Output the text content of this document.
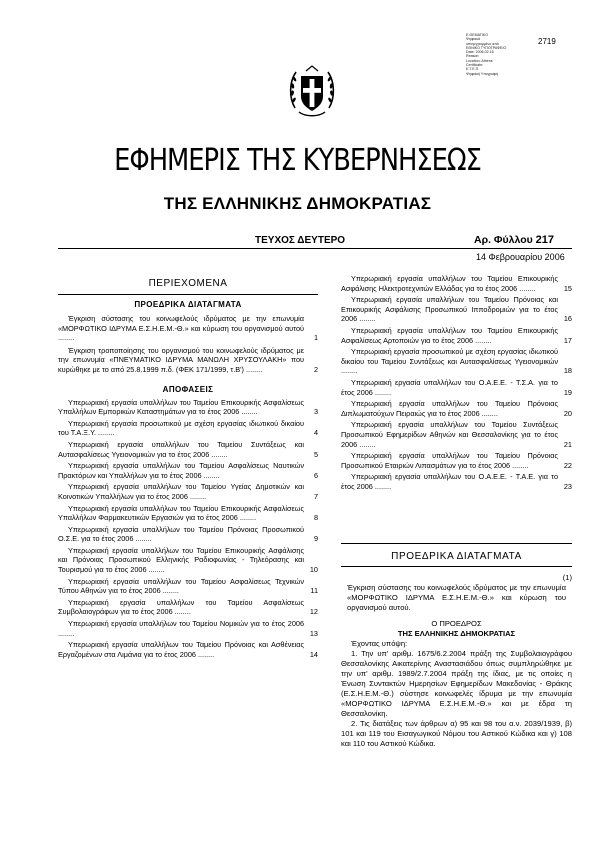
Ε.ΘΕΜΑΤΙΚΟ
Ψηφιακά
υπογεγραμμένο από
ΕΘΝΙΚΟ ΤΥΠΟΓΡΑΦΕΙΟ
Date: 2006.02.16
Reason:
Location: Athens
Certificate:
Ε.Τ.Ε.Π.
Ψηφιακή Υπογραφή
2719
ΕΦΗΜΕΡΙΣ ΤΗΣ ΚΥΒΕΡΝΗΣΕΩΣ
ΤΗΣ ΕΛΛΗΝΙΚΗΣ ΔΗΜΟΚΡΑΤΙΑΣ
ΤΕΥΧΟΣ ΔΕΥΤΕΡΟ	Αρ. Φύλλου 217
14 Φεβρουαρίου 2006
ΠΕΡΙΕΧΟΜΕΝΑ
ΠΡΟΕΔΡΙΚΑ ΔΙΑΤΑΓΜΑΤΑ
Έγκριση σύστασης του κοινωφελούς ιδρύματος με την επωνυμία «ΜΟΡΦΩΤΙΚΟ ΙΔΡΥΜΑ Ε.Σ.Η.Ε.Μ.-Θ.» και κύρωση του οργανισμού αυτού ........	1
Έγκριση τροποποίησης του οργανισμού του κοινωφελούς ιδρύματος με την επωνυμία «ΠΝΕΥΜΑΤΙΚΟ ΙΔΡΥΜΑ ΜΑΝΩΛΗ ΧΡΥΣΟΥΛΑΚΗ» που κυρώθηκε με το από 25.8.1999 π.δ. (ΦΕΚ 171/1999, τ.Β') ........	2
ΑΠΟΦΑΣΕΙΣ
Υπερωριακή εργασία υπαλλήλων του Ταμείου Επικουρικής Ασφαλίσεως Υπαλλήλων Εμπορικών Καταστημάτων για το έτος 2006 ........	3
Υπερωριακή εργασία προσωπικού με σχέση εργασίας ιδιωτικού δικαίου του Τ.Α.Ξ.Υ. ........	4
Υπερωριακή εργασία υπαλλήλων του Ταμείου Συντάξεως και Αυτασφαλίσεως Υγειονομικών για το έτος 2006 ........	5
Υπερωριακή εργασία υπαλλήλων του Ταμείου Ασφαλίσεως Ναυτικών Πρακτόρων και Υπαλλήλων για το έτος 2006 ........	6
Υπερωριακή εργασία υπαλλήλων του Ταμείου Υγείας Δημοτικών και Κοινοτικών Υπαλλήλων για το έτος 2006 ........	7
Υπερωριακή εργασία υπαλλήλων του Ταμείου Επικουρικής Ασφαλίσεως Υπαλλήλων Φαρμακευτικών Εργασιών για το έτος 2006 ........	8
Υπερωριακή εργασία υπαλλήλων του Ταμείου Πρόνοιας Προσωπικού Ο.Σ.Ε. για το έτος 2006 ........	9
Υπερωριακή εργασία υπαλλήλων του Ταμείου Επικουρικής Ασφάλισης και Πρόνοιας Προσωπικού Ελληνικής Ραδιοφωνίας - Τηλεόρασης και Τουρισμού για το έτος 2006 ........	10
Υπερωριακή εργασία υπαλλήλων του Ταμείου Ασφαλίσεως Τεχνικών Τύπου Αθηνών για το έτος 2006 ........	11
Υπερωριακή εργασία υπαλλήλων του Ταμείου Ασφαλίσεως Συμβολαιογράφων για το έτος 2006 ........	12
Υπερωριακή εργασία υπαλλήλων του Ταμείου Νομικών για το έτος 2006 ........	13
Υπερωριακή εργασία υπαλλήλων του Ταμείου Πρόνοιας και Ασθένειας Εργαζομένων στα Λιμάνια για το έτος 2006 ........	14
Υπερωριακή εργασία υπαλλήλων του Ταμείου Επικουρικής Ασφάλισης Ηλεκτροτεχνιτών Ελλάδας για το έτος 2006 ........	15
Υπερωριακή εργασία υπαλλήλων του Ταμείου Πρόνοιας και Επικουρικής Ασφάλισης Προσωπικού Ιπποδρομιών για το έτος 2006 ........	16
Υπερωριακή εργασία υπαλλήλων του Ταμείου Επικουρικής Ασφαλίσεως Αρτοποιών για το έτος 2006 ........	17
Υπερωριακή εργασία προσωπικού με σχέση εργασίας ιδιωτικού δικαίου του Ταμείου Συντάξεως και Αυτασφαλίσεως Υγειονομικών ........	18
Υπερωριακή εργασία υπαλλήλων του Ο.Α.Ε.Ε. - Τ.Σ.Α. για το έτος 2006 ........	19
Υπερωριακή εργασία υπαλλήλων του Ταμείου Πρόνοιας Διπλωματούχων Πειραιώς για το έτος 2006 ........	20
Υπερωριακή εργασία υπαλλήλων του Ταμείου Συντάξεως Προσωπικού Εφημερίδων Αθηνών και Θεσσαλονίκης για το έτος 2006 ........	21
Υπερωριακή εργασία υπαλλήλων του Ταμείου Πρόνοιας Προσωπικού Εταιριών Λιπασμάτων για το έτος 2006 ........	22
Υπερωριακή εργασία υπαλλήλων του Ο.Α.Ε.Ε. - Τ.Α.Ε. για το έτος 2006 ........	23
ΠΡΟΕΔΡΙΚΑ ΔΙΑΤΑΓΜΑΤΑ
(1)
Έγκριση σύστασης του κοινωφελούς ιδρύματος με την επωνυμία «ΜΟΡΦΩΤΙΚΟ ΙΔΡΥΜΑ Ε.Σ.Η.Ε.Μ.-Θ.» και κύρωση του οργανισμού αυτού.
Ο ΠΡΟΕΔΡΟΣ
ΤΗΣ ΕΛΛΗΝΙΚΗΣ ΔΗΜΟΚΡΑΤΙΑΣ

Έχοντας υπόψη:

1. Την υπ' αριθμ. 1675/6.2.2004 πράξη της Συμβολαιογράφου Θεσσαλονίκης Αικατερίνης Αναστασιάδου όπως συμπληρώθηκε με την υπ' αριθμ. 1989/2.7.2004 πράξη της ίδιας, με τις οποίες η Ένωση Συντακτών Ημερησίων Εφημερίδων Μακεδονίας - Θράκης (Ε.Σ.Η.Ε.Μ.-Θ.) σύστησε κοινωφελές ίδρυμα με την επωνυμία «ΜΟΡΦΩΤΙΚΟ ΙΔΡΥΜΑ Ε.Σ.Η.Ε.Μ.-Θ.» και με έδρα τη Θεσσαλονίκη.

2. Τις διατάξεις των άρθρων α) 95 και 98 του α.ν. 2039/1939, β) 101 και 119 του Εισαγωγικού Νόμου του Αστικού Κώδικα και γ) 108 και 110 του Αστικού Κώδικα.
